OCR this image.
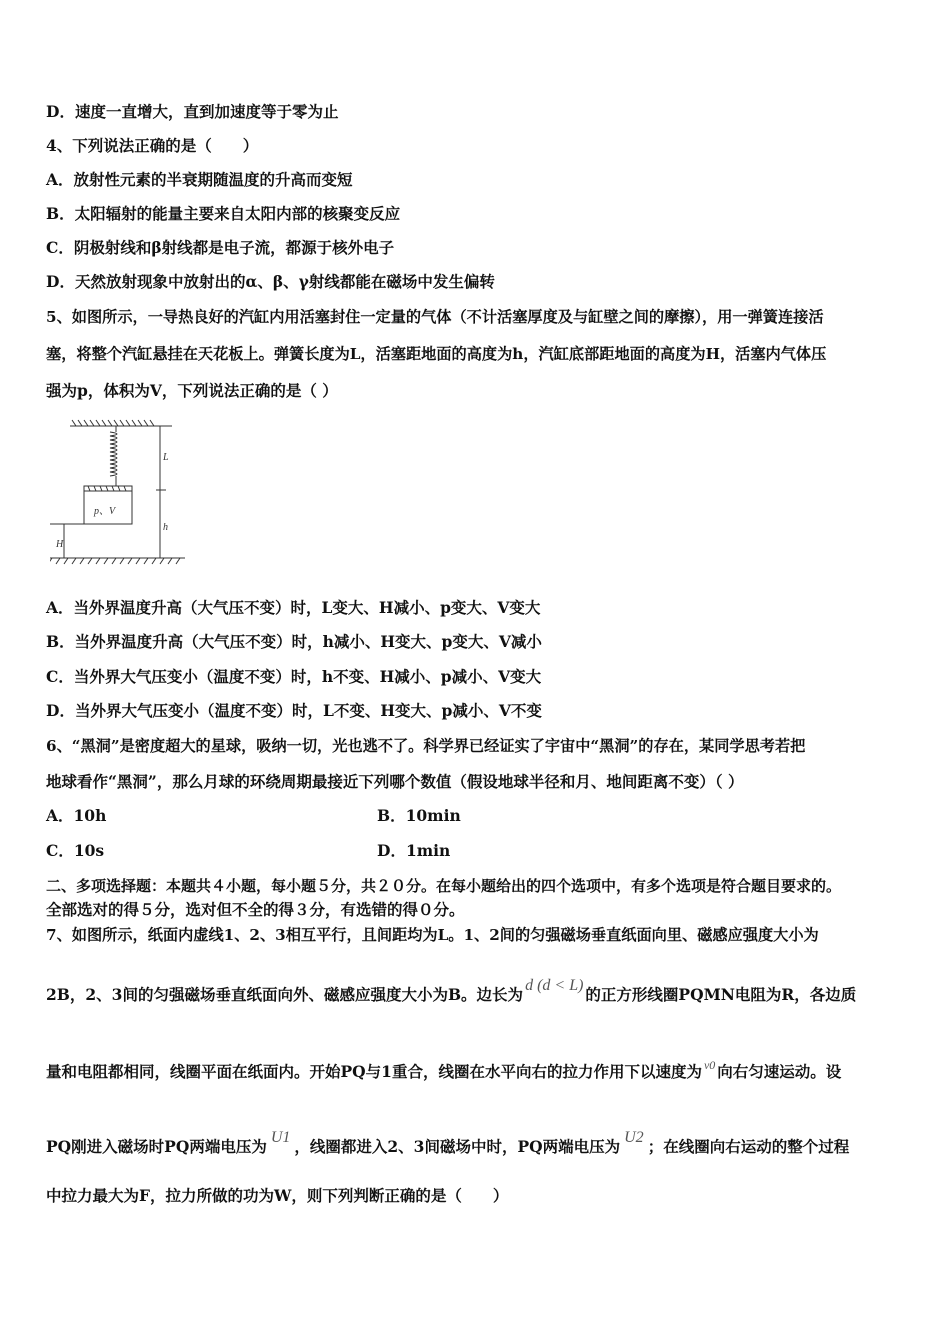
D．速度一直增大，直到加速度等于零为止
4、下列说法正确的是（　　）
A．放射性元素的半衰期随温度的升高而变短
B．太阳辐射的能量主要来自太阳内部的核聚变反应
C．阴极射线和β射线都是电子流，都源于核外电子
D．天然放射现象中放射出的α、β、γ射线都能在磁场中发生偏转
5、如图所示，一导热良好的汽缸内用活塞封住一定量的气体（不计活塞厚度及与缸壁之间的摩擦），用一弹簧连接活
塞，将整个汽缸悬挂在天花板上。弹簧长度为L，活塞距地面的高度为h，汽缸底部距地面的高度为H，活塞内气体压
强为p，体积为V，下列说法正确的是（ ）
L
h
H
p、V
A．当外界温度升高（大气压不变）时，L变大、H减小、p变大、V变大
B．当外界温度升高（大气压不变）时，h减小、H变大、p变大、V减小
C．当外界大气压变小（温度不变）时，h不变、H减小、p减小、V变大
D．当外界大气压变小（温度不变）时，L不变、H变大、p减小、V不变
6、“黑洞”是密度超大的星球，吸纳一切，光也逃不了。科学界已经证实了宇宙中“黑洞”的存在，某同学思考若把
地球看作“黑洞”，那么月球的环绕周期最接近下列哪个数值（假设地球半径和月、地间距离不变）（ ）
A．10h	B．10min
C．10s	D．1min
二、多项选择题：本题共４小题，每小题５分，共２０分。在每小题给出的四个选项中，有多个选项是符合题目要求的。
全部选对的得５分，选对但不全的得３分，有选错的得０分。
7、如图所示，纸面内虚线1、2、3相互平行，且间距均为L。1、2间的匀强磁场垂直纸面向里、磁感应强度大小为
2B，2、3间的匀强磁场垂直纸面向外、磁感应强度大小为B。边长为 d (d < L) 的正方形线圈PQMN电阻为R，各边质
量和电阻都相同，线圈平面在纸面内。开始PQ与1重合，线圈在水平向右的拉力作用下以速度为 $^{v0}$ 向右匀速运动。设
PQ刚进入磁场时PQ两端电压为 U1 ，线圈都进入2、3间磁场中时，PQ两端电压为 U2 ；在线圈向右运动的整个过程
中拉力最大为F，拉力所做的功为W，则下列判断正确的是（　　）
